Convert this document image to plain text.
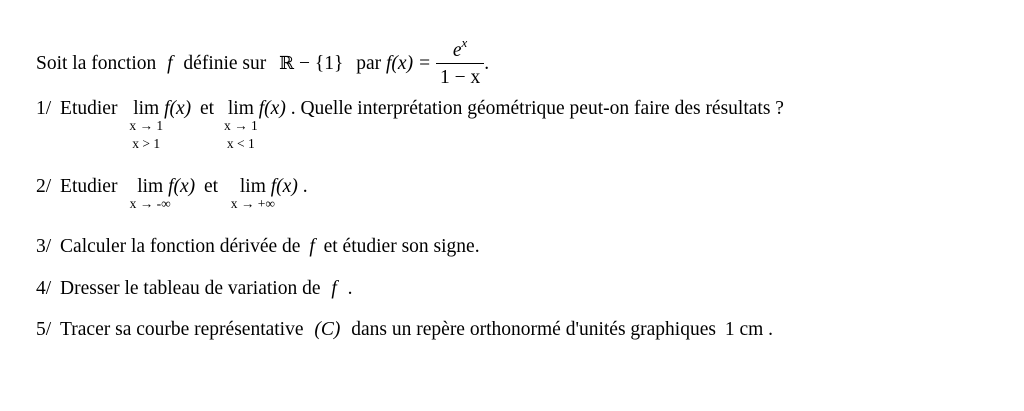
Soit la fonction f définie sur ℝ − {1} par $f(x) = \frac{e^x}{1 - x}$ .
1/ Etudier lim
x → 1
x > 1
f(x) et lim
x → 1
x < 1
f(x) . Quelle interprétation géométrique peut-on faire des résultats ?
2/ Etudier lim
x → -∞
f(x) et lim
x → +∞
f(x) .
3/ Calculer la fonction dérivée de f et étudier son signe.
4/ Dresser le tableau de variation de f .
5/ Tracer sa courbe représentative (C) dans un repère orthonormé d'unités graphiques 1 cm .
